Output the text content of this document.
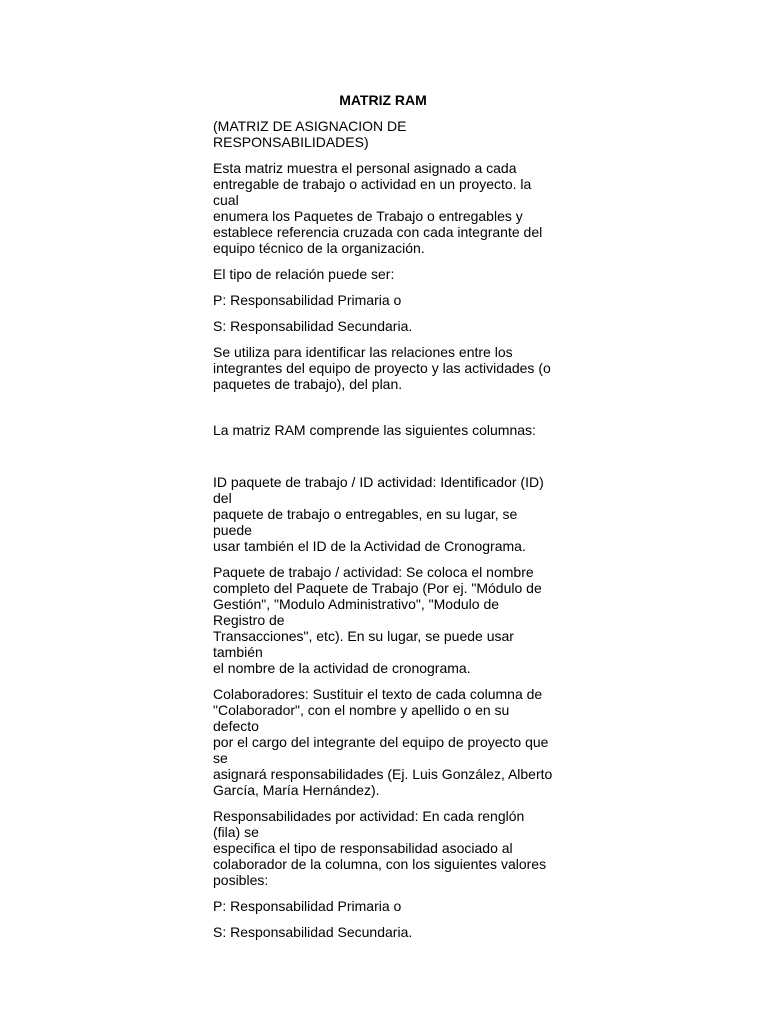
MATRIZ RAM

(MATRIZ DE ASIGNACION DE RESPONSABILIDADES)

Esta matriz muestra el personal asignado a cada
entregable de trabajo o actividad en un proyecto. la cual
enumera los Paquetes de Trabajo o entregables y
establece referencia cruzada con cada integrante del
equipo técnico de la organización.

El tipo de relación puede ser:

P: Responsabilidad Primaria o

S: Responsabilidad Secundaria.

Se utiliza para identificar las relaciones entre los
integrantes del equipo de proyecto y las actividades (o
paquetes de trabajo), del plan.

La matriz RAM comprende las siguientes columnas:

ID paquete de trabajo / ID actividad: Identificador (ID) del
paquete de trabajo o entregables, en su lugar, se puede
usar también el ID de la Actividad de Cronograma.

Paquete de trabajo / actividad: Se coloca el nombre
completo del Paquete de Trabajo (Por ej. "Módulo de
Gestión", "Modulo Administrativo", "Modulo de Registro de
Transacciones", etc). En su lugar, se puede usar también
el nombre de la actividad de cronograma.

Colaboradores: Sustituir el texto de cada columna de
"Colaborador", con el nombre y apellido o en su defecto
por el cargo del integrante del equipo de proyecto que se
asignará responsabilidades (Ej. Luis González, Alberto
García, María Hernández).

Responsabilidades por actividad: En cada renglón (fila) se
especifica el tipo de responsabilidad asociado al
colaborador de la columna, con los siguientes valores
posibles:

P: Responsabilidad Primaria o

S: Responsabilidad Secundaria.
